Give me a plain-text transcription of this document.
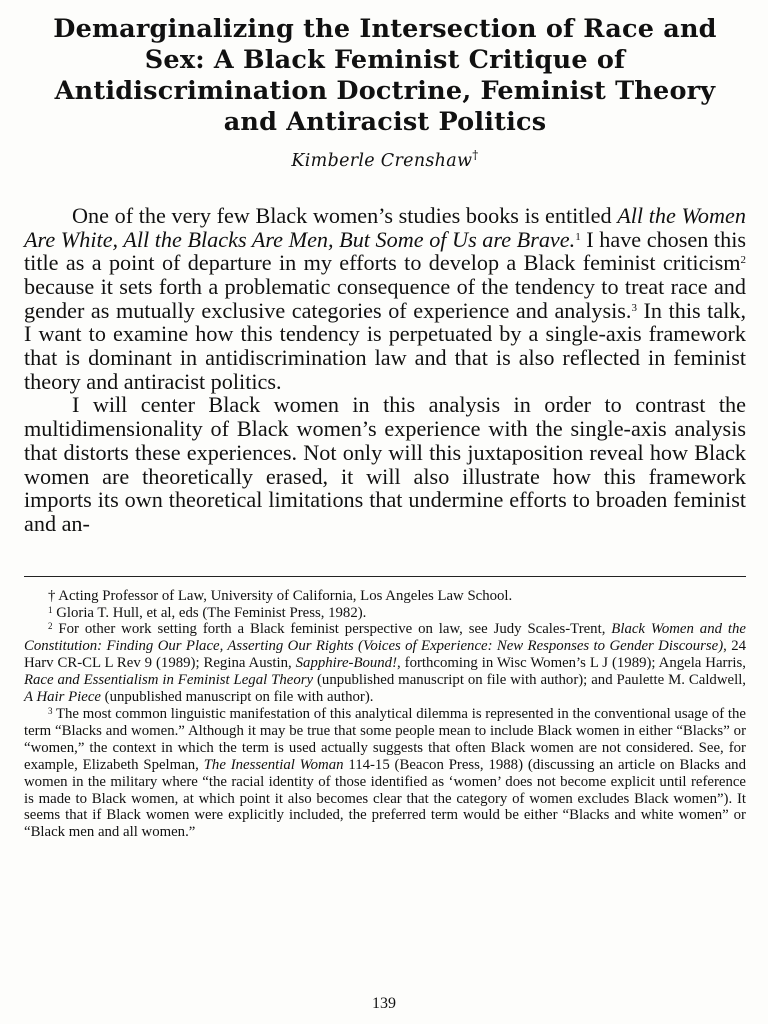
Demarginalizing the Intersection of Race and Sex: A Black Feminist Critique of Antidiscrimination Doctrine, Feminist Theory and Antiracist Politics
Kimberle Crenshaw†

One of the very few Black women’s studies books is entitled All the Women Are White, All the Blacks Are Men, But Some of Us are Brave.$^1$ I have chosen this title as a point of departure in my efforts to develop a Black feminist criticism$^2$ because it sets forth a problematic consequence of the tendency to treat race and gender as mutually exclusive categories of experience and analysis.$^3$ In this talk, I want to examine how this tendency is perpetuated by a single-axis framework that is dominant in antidiscrimination law and that is also reflected in feminist theory and antiracist politics.

I will center Black women in this analysis in order to contrast the multidimensionality of Black women’s experience with the single-axis analysis that distorts these experiences. Not only will this juxtaposition reveal how Black women are theoretically erased, it will also illustrate how this framework imports its own theoretical limitations that undermine efforts to broaden feminist and an-

† Acting Professor of Law, University of California, Los Angeles Law School.

$^1$ Gloria T. Hull, et al, eds (The Feminist Press, 1982).

$^2$ For other work setting forth a Black feminist perspective on law, see Judy Scales-Trent, Black Women and the Constitution: Finding Our Place, Asserting Our Rights (Voices of Experience: New Responses to Gender Discourse), 24 Harv CR-CL L Rev 9 (1989); Regina Austin, Sapphire-Bound!, forthcoming in Wisc Women’s L J (1989); Angela Harris, Race and Essentialism in Feminist Legal Theory (unpublished manuscript on file with author); and Paulette M. Caldwell, A Hair Piece (unpublished manuscript on file with author).

$^3$ The most common linguistic manifestation of this analytical dilemma is represented in the conventional usage of the term “Blacks and women.” Although it may be true that some people mean to include Black women in either “Blacks” or “women,” the context in which the term is used actually suggests that often Black women are not considered. See, for example, Elizabeth Spelman, The Inessential Woman 114-15 (Beacon Press, 1988) (discussing an article on Blacks and women in the military where “the racial identity of those identified as ‘women’ does not become explicit until reference is made to Black women, at which point it also becomes clear that the category of women excludes Black women”). It seems that if Black women were explicitly included, the preferred term would be either “Blacks and white women” or “Black men and all women.”

139
